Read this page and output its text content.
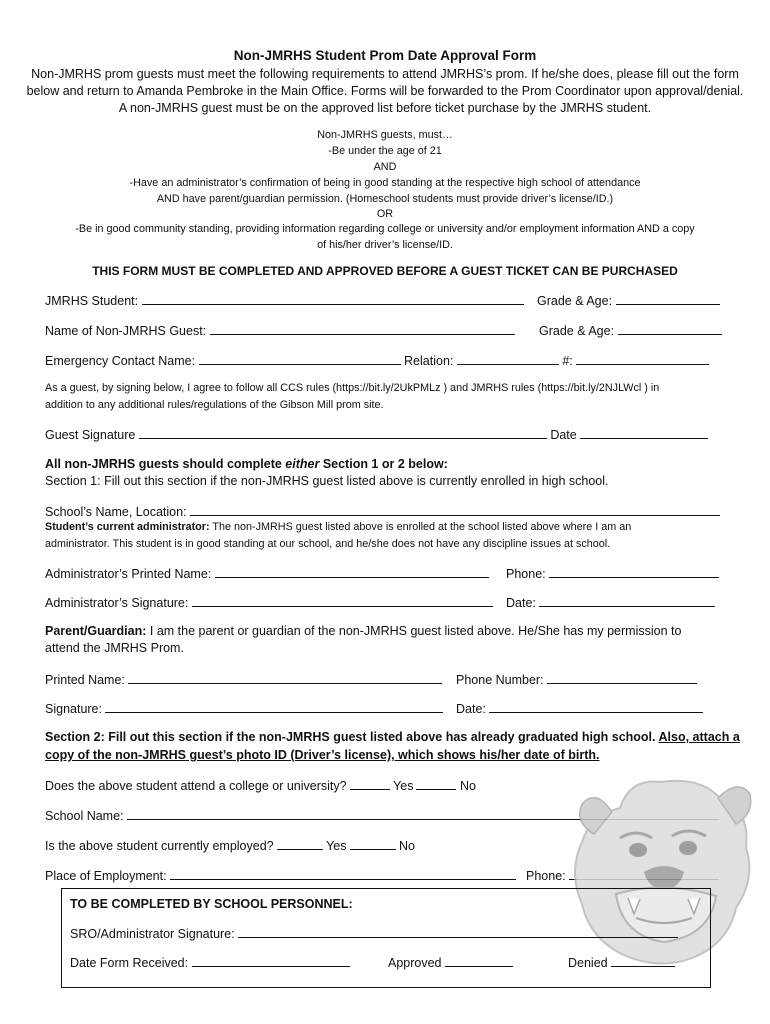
Non-JMRHS Student Prom Date Approval Form
Non-JMRHS prom guests must meet the following requirements to attend JMRHS’s prom. If he/she does, please fill out the form
below and return to Amanda Pembroke in the Main Office. Forms will be forwarded to the Prom Coordinator upon approval/denial.
A non-JMRHS guest must be on the approved list before ticket purchase by the JMRHS student.
Non-JMRHS guests, must…
-Be under the age of 21
AND
-Have an administrator’s confirmation of being in good standing at the respective high school of attendance
AND have parent/guardian permission. (Homeschool students must provide driver’s license/ID.)
OR
-Be in good community standing, providing information regarding college or university and/or employment information AND a copy
of his/her driver’s license/ID.
THIS FORM MUST BE COMPLETED AND APPROVED BEFORE A GUEST TICKET CAN BE PURCHASED
JMRHS Student:	Grade & Age:
Name of Non-JMRHS Guest:	Grade & Age:
Emergency Contact Name:	Relation:	#:
As a guest, by signing below, I agree to follow all CCS rules (https://bit.ly/2UkPMLz ) and JMRHS rules (https://bit.ly/2NJLWcl ) in
addition to any additional rules/regulations of the Gibson Mill prom site.
Guest Signature	Date
All non-JMRHS guests should complete either Section 1 or 2 below:
Section 1: Fill out this section if the non-JMRHS guest listed above is currently enrolled in high school.
School’s Name, Location:
Student’s current administrator: The non-JMRHS guest listed above is enrolled at the school listed above where I am an
administrator. This student is in good standing at our school, and he/she does not have any discipline issues at school.
Administrator’s Printed Name:	Phone:
Administrator’s Signature:	Date:
Parent/Guardian: I am the parent or guardian of the non-JMRHS guest listed above. He/She has my permission to
attend the JMRHS Prom.
Printed Name:	Phone Number:
Signature:	Date:
Section 2: Fill out this section if the non-JMRHS guest listed above has already graduated high school. Also, attach a
copy of the non-JMRHS guest’s photo ID (Driver’s license), which shows his/her date of birth.
Does the above student attend a college or university?	Yes	No
School Name:
Is the above student currently employed?	Yes	No
Place of Employment:	Phone:
TO BE COMPLETED BY SCHOOL PERSONNEL:
SRO/Administrator Signature:
Date Form Received:	Approved	Denied
